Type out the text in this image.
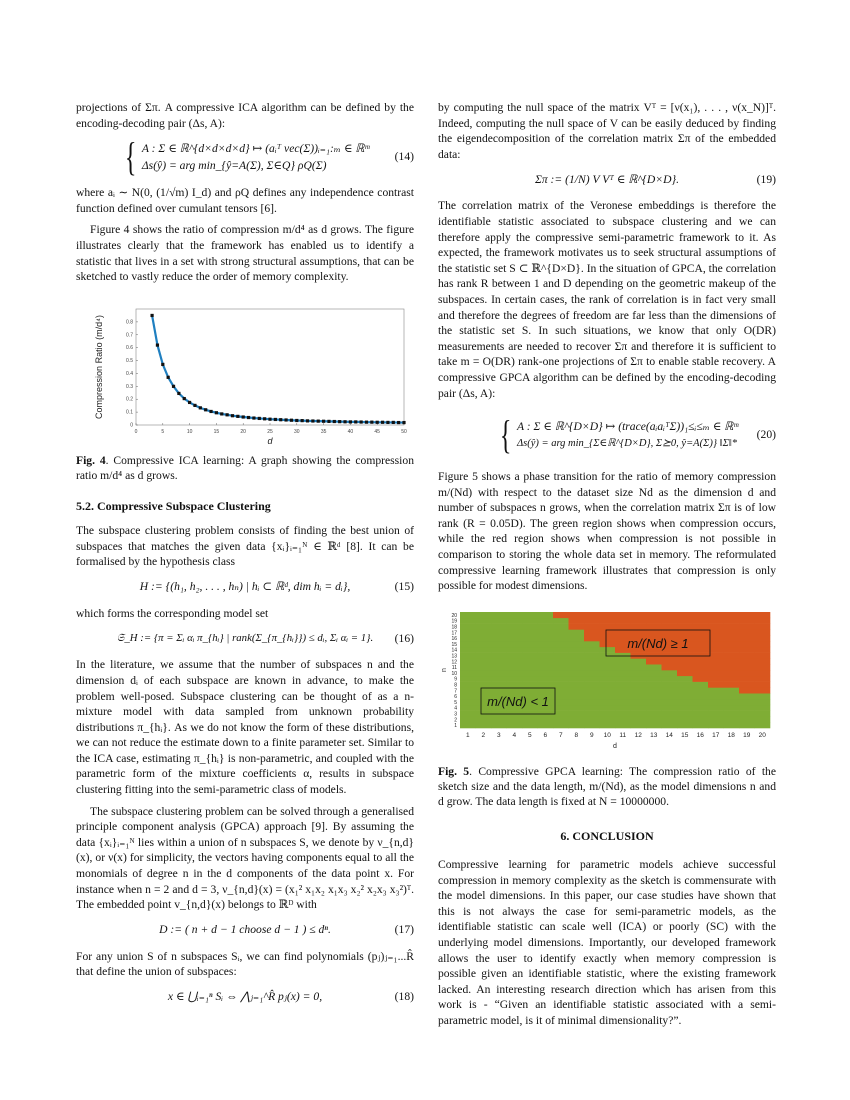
projections of Σπ. A compressive ICA algorithm can be defined by the encoding-decoding pair (Δs, A):

{ A : Σ ∈ ℝ^{d×d×d×d} ↦ (aᵢᵀ vec(Σ))ᵢ₌₁:ₘ ∈ ℝᵐ
Δs(ŷ) = arg min_{ŷ=A(Σ), Σ∈Q} ρQ(Σ)
(14)

where aᵢ ∼ N(0, (1/√m) I_d) and ρQ defines any independence contrast function defined over cumulant tensors [6].

Figure 4 shows the ratio of compression m/d⁴ as d grows. The figure illustrates clearly that the framework has enabled us to identify a statistic that lives in a set with strong structural assumptions, that can be sketched to vastly reduce the order of memory complexity.

0	5	10	15	20	25	30	35	40	45	50
0
0.1
0.2
0.3
0.4
0.5
0.6
0.7
0.8
d
Compression Ratio (m/d⁴)
Fig. 4. Compressive ICA learning: A graph showing the compression ratio m/d⁴ as d grows.
5.2. Compressive Subspace Clustering

The subspace clustering problem consists of finding the best union of subspaces that matches the given data {xᵢ}ᵢ₌₁ᴺ ∈ ℝᵈ [8]. It can be formalised by the hypothesis class

H := {(h₁, h₂, . . . , hₙ) | hᵢ ⊂ ℝᵈ, dim hᵢ = dᵢ},	(15)

which forms the corresponding model set

𝔖_H := {π = Σᵢ αᵢ π_{hᵢ} | rank(Σ_{π_{hᵢ}}) ≤ dᵢ, Σᵢ αᵢ = 1}. (16)

In the literature, we assume that the number of subspaces n and the dimension dᵢ of each subspace are known in advance, to make the problem well-posed. Subspace clustering can be thought of as a n-mixture model with data sampled from unknown probability distributions π_{hᵢ}. As we do not know the form of these distributions, we can not reduce the estimate down to a finite parameter set. Similar to the ICA case, estimating π_{hᵢ} is non-parametric, and coupled with the parametric form of the mixture coefficients α, results in subspace clustering fitting into the semi-parametric class of models.

The subspace clustering problem can be solved through a generalised principle component analysis (GPCA) approach [9]. By assuming the data {xᵢ}ᵢ₌₁ᴺ lies within a union of n subspaces S, we denote by ν_{n,d}(x), or ν(x) for simplicity, the vectors having components equal to all the monomials of degree n in the d components of the data point x. For instance when n = 2 and d = 3, ν_{n,d}(x) = (x₁² x₁x₂ x₁x₃ x₂² x₂x₃ x₃²)ᵀ. The embedded point v_{n,d}(x) belongs to ℝᴰ with

D := ( n + d − 1 choose d − 1 ) ≤ dⁿ.	(17)

For any union S of n subspaces Sᵢ, we can find polynomials (pⱼ)ⱼ₌₁...R̂ that define the union of subspaces:

x ∈ ⋃ᵢ₌₁ⁿ Sᵢ ⇔ ⋀ⱼ₌₁^R̂ pⱼ(x) = 0,	(18)

by computing the null space of the matrix Vᵀ = [ν(x₁), . . . , ν(x_N)]ᵀ. Indeed, computing the null space of V can be easily deduced by finding the eigendecomposition of the correlation matrix Σπ of the embedded data:

Σπ := (1/N) V Vᵀ ∈ ℝ^{D×D}.	(19)

The correlation matrix of the Veronese embeddings is therefore the identifiable statistic associated to subspace clustering and we can therefore apply the compressive semi-parametric framework to it. As expected, the framework motivates us to seek structural assumptions of the statistic set S ⊂ ℝ^{D×D}. In the situation of GPCA, the correlation has rank R between 1 and D depending on the geometric makeup of the subspaces. In certain cases, the rank of correlation is in fact very small and therefore the degrees of freedom are far less than the dimensions of the statistic set S. In such situations, we know that only O(DR) measurements are needed to recover Σπ and therefore it is sufficient to take m = O(DR) rank-one projections of Σπ to enable stable recovery. A compressive GPCA algorithm can be defined by the encoding-decoding pair (Δs, A):

{ A : Σ ∈ ℝ^{D×D} ↦ (trace(aᵢaᵢᵀΣ))₁≤ᵢ≤ₘ ∈ ℝᵐ
Δs(ŷ) = arg min_{Σ∈ℝ^{D×D}, Σ⪰0, ŷ=A(Σ)} ‖Σ‖*
(20)

Figure 5 shows a phase transition for the ratio of memory compression m/(Nd) with respect to the dataset size Nd as the dimension d and number of subspaces n grows, when the correlation matrix Σπ is of low rank (R = 0.05D). The green region shows when compression occurs, while the red region shows when compression is not possible in comparison to storing the whole data set in memory. The reformulated compressive learning framework illustrates that compression is only possible for modest dimensions.

1 2 3 4 5 6 7 8 9 10 11 12 13 14 15 16 17 18 19 20
1
2
3
4
5
6
7
8
9
10
11
12
13
14
15
16
17
18
19
20
d
n
m/(Nd) ≥ 1
m/(Nd) < 1
Fig. 5. Compressive GPCA learning: The compression ratio of the sketch size and the data length, m/(Nd), as the model dimensions n and d grow. The data length is fixed at N = 10000000.
6. CONCLUSION

Compressive learning for parametric models achieve successful compression in memory complexity as the sketch is commensurate with the model dimensions. In this paper, our case studies have shown that this is not always the case for semi-parametric models, as the identifiable statistic can scale well (ICA) or poorly (SC) with the underlying model dimensions. Importantly, our developed framework allows the user to identify exactly when memory compression is possible given an identifiable statistic, where the existing framework lacked. An interesting research direction which has arisen from this work is - “Given an identifiable statistic associated with a semi-parametric model, is it of minimal dimensionality?”.
